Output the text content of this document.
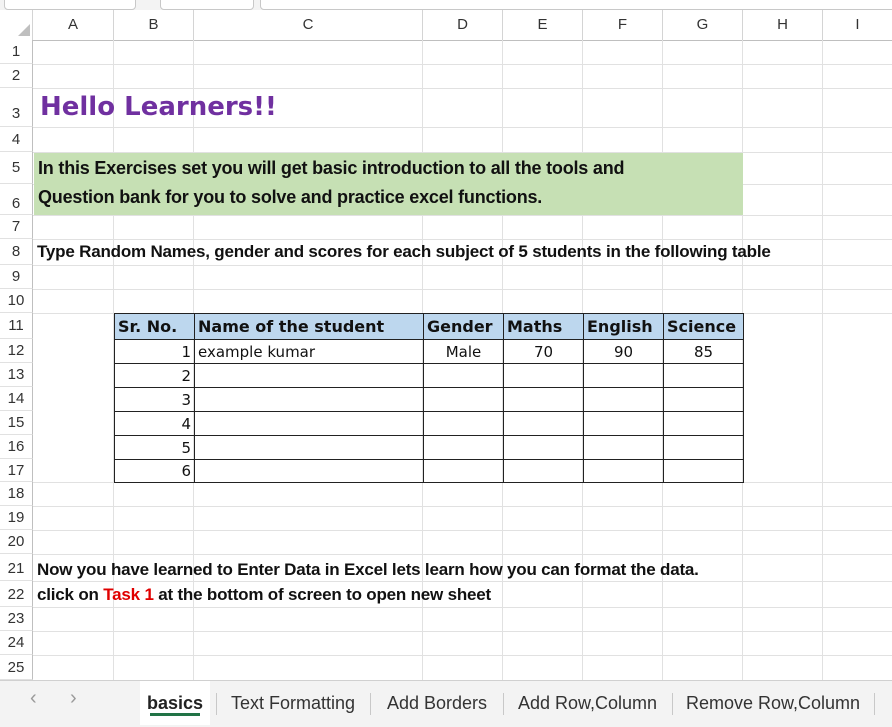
A	B	C	D	E	F	G	H	I
1
2
3
4
5
6
7
8
9
10
11
12
13
14
15
16
17
18
19
20
21
22
23
24
25
Hello Learners!!
In this Exercises set you will get basic introduction to all the tools and
Question bank for you to solve and practice excel functions.
Type Random Names, gender and scores for each subject of 5 students in the following table
Sr. No.	Name of the student	Gender	Maths	English	Science
1	example kumar	Male	70	90	85
2					
3					
4					
5					
6					
Now you have learned to Enter Data in Excel lets learn how you can format the data.
click on Task 1 at the bottom of screen to open new sheet
‹ ›	basics	Text Formatting	Add Borders	Add Row,Column	Remove Row,Column
